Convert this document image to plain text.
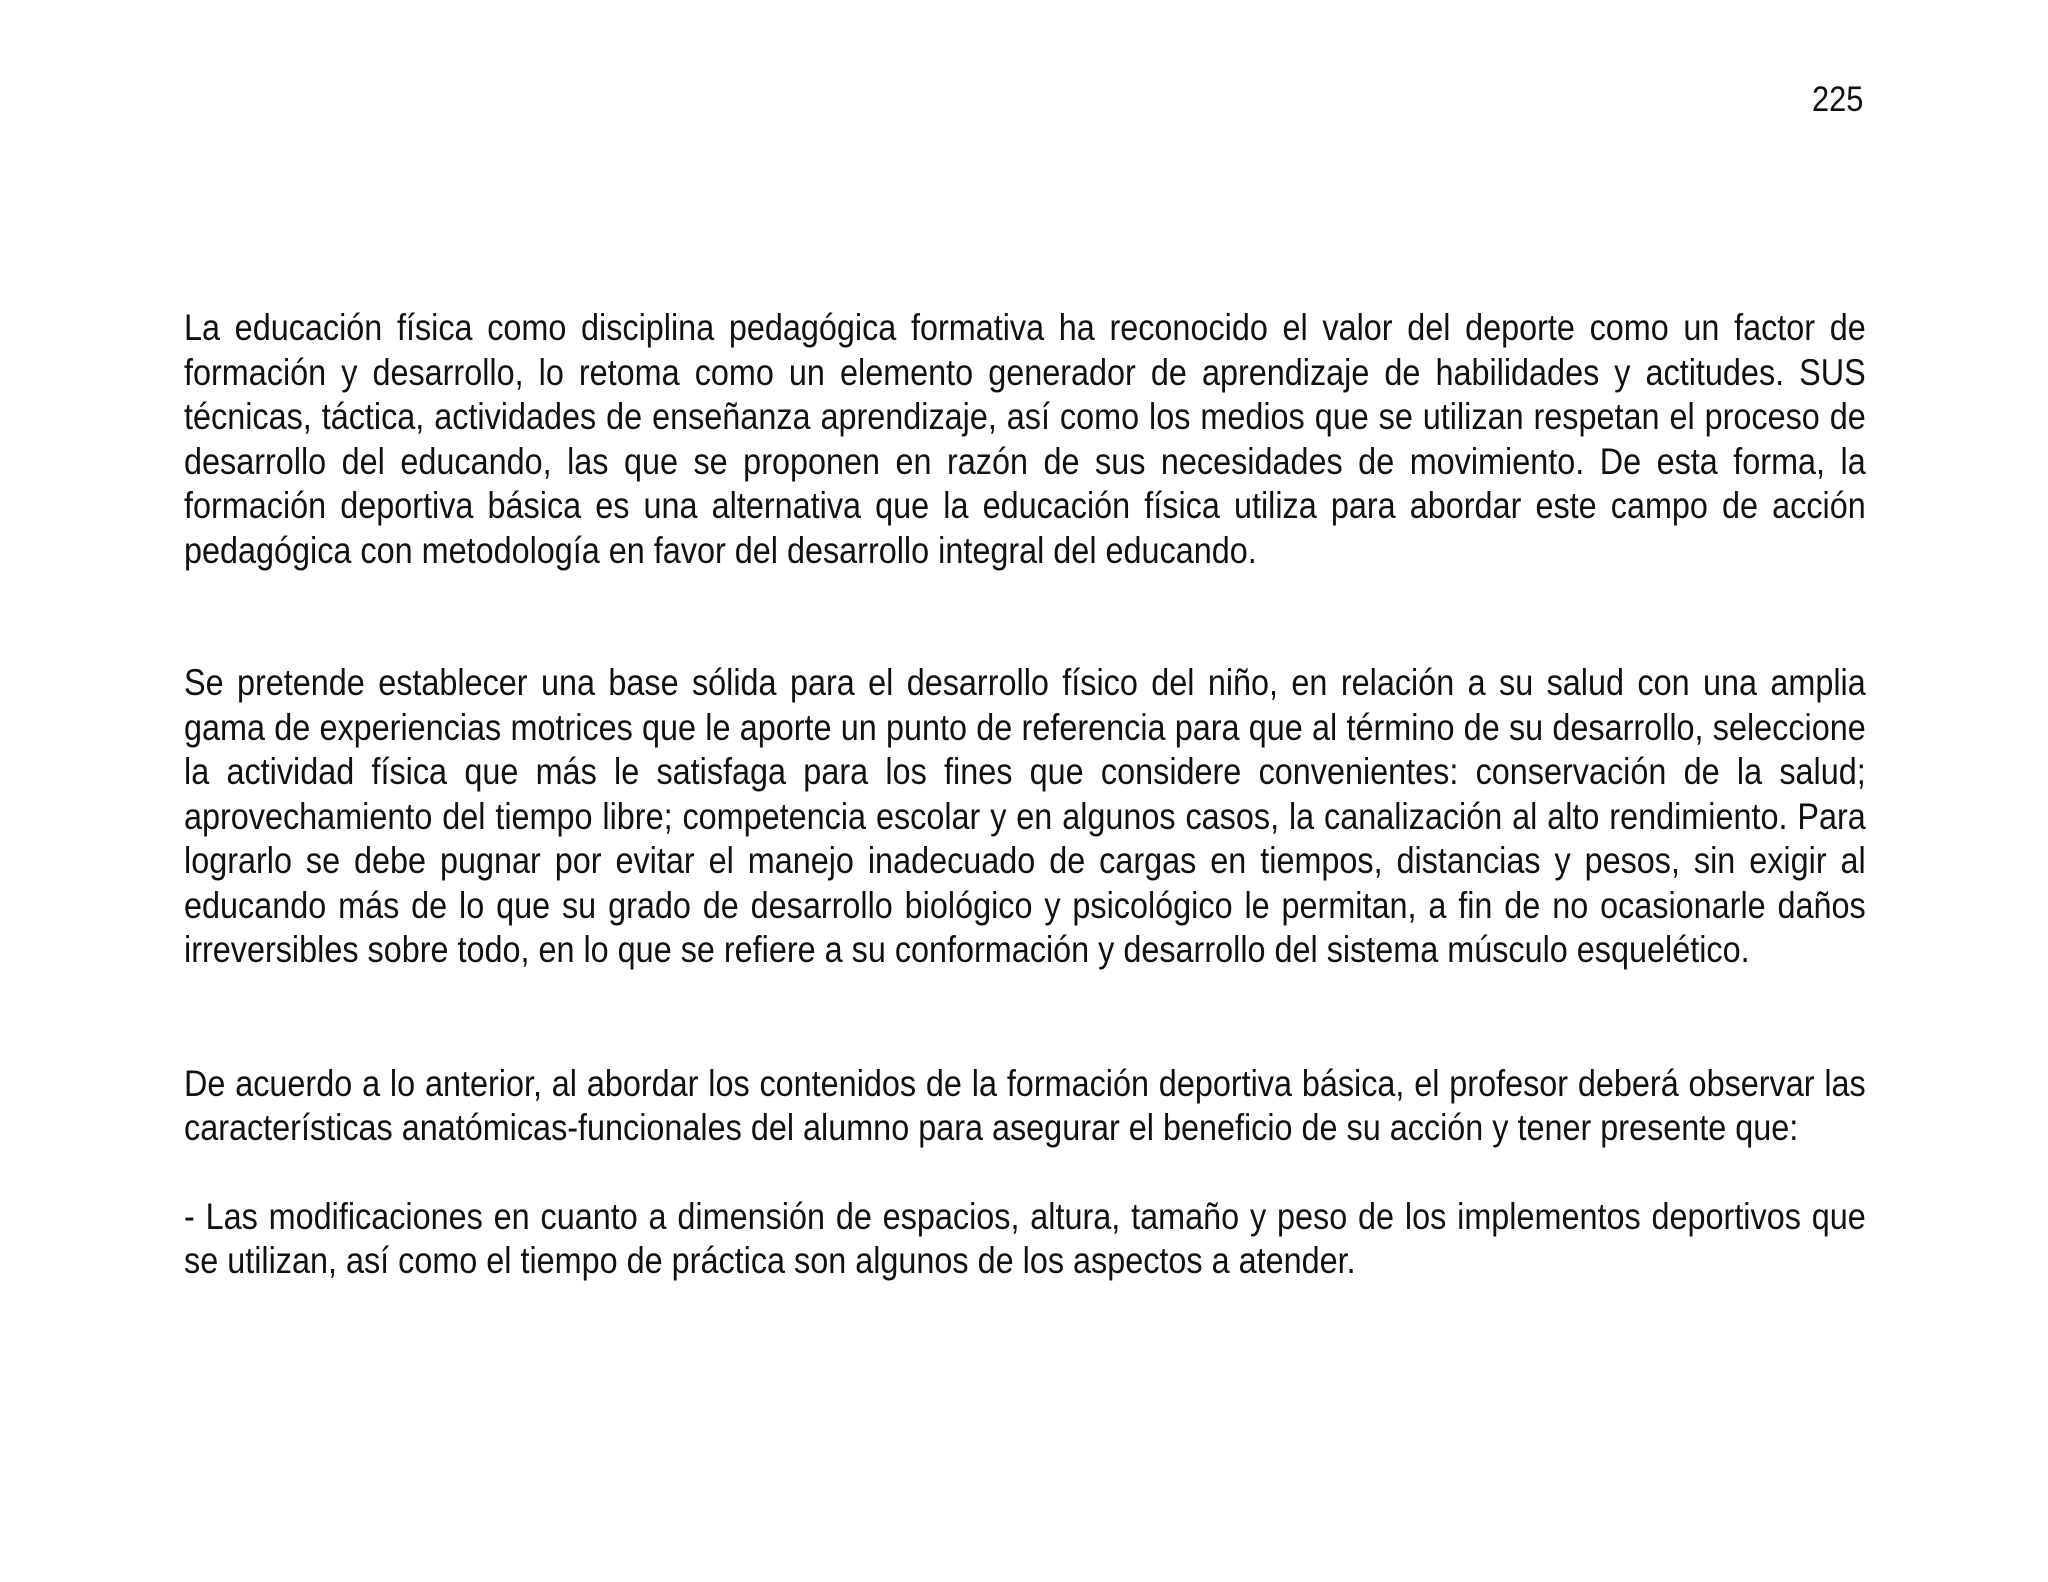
225

La educación física como disciplina pedagógica formativa ha reconocido el valor del deporte como un factor de formación y desarrollo, lo retoma como un elemento generador de aprendizaje de habilidades y actitudes. SUS técnicas, táctica, actividades de enseñanza aprendizaje, así como los medios que se utilizan respetan el proceso de desarrollo del educando, las que se proponen en razón de sus necesidades de movimiento. De esta forma, la formación deportiva básica es una alternativa que la educación física utiliza para abordar este campo de acción pedagógica con metodología en favor del desarrollo integral del educando.

Se pretende establecer una base sólida para el desarrollo físico del niño, en relación a su salud con una amplia gama de experiencias motrices que le aporte un punto de referencia para que al término de su desarrollo, seleccione la actividad física que más le satisfaga para los fines que considere convenientes: conservación de la salud; aprovechamiento del tiempo libre; competencia escolar y en algunos casos, la canalización al alto rendimiento. Para lograrlo se debe pugnar por evitar el manejo inadecuado de cargas en tiempos, distancias y pesos, sin exigir al educando más de lo que su grado de desarrollo biológico y psicológico le permitan, a fin de no ocasionarle daños irreversibles sobre todo, en lo que se refiere a su conformación y desarrollo del sistema músculo esquelético.

De acuerdo a lo anterior, al abordar los contenidos de la formación deportiva básica, el profesor deberá observar las características anatómicas-funcionales del alumno para asegurar el beneficio de su acción y tener presente que:

- Las modificaciones en cuanto a dimensión de espacios, altura, tamaño y peso de los implementos deportivos que se utilizan, así como el tiempo de práctica son algunos de los aspectos a atender.
